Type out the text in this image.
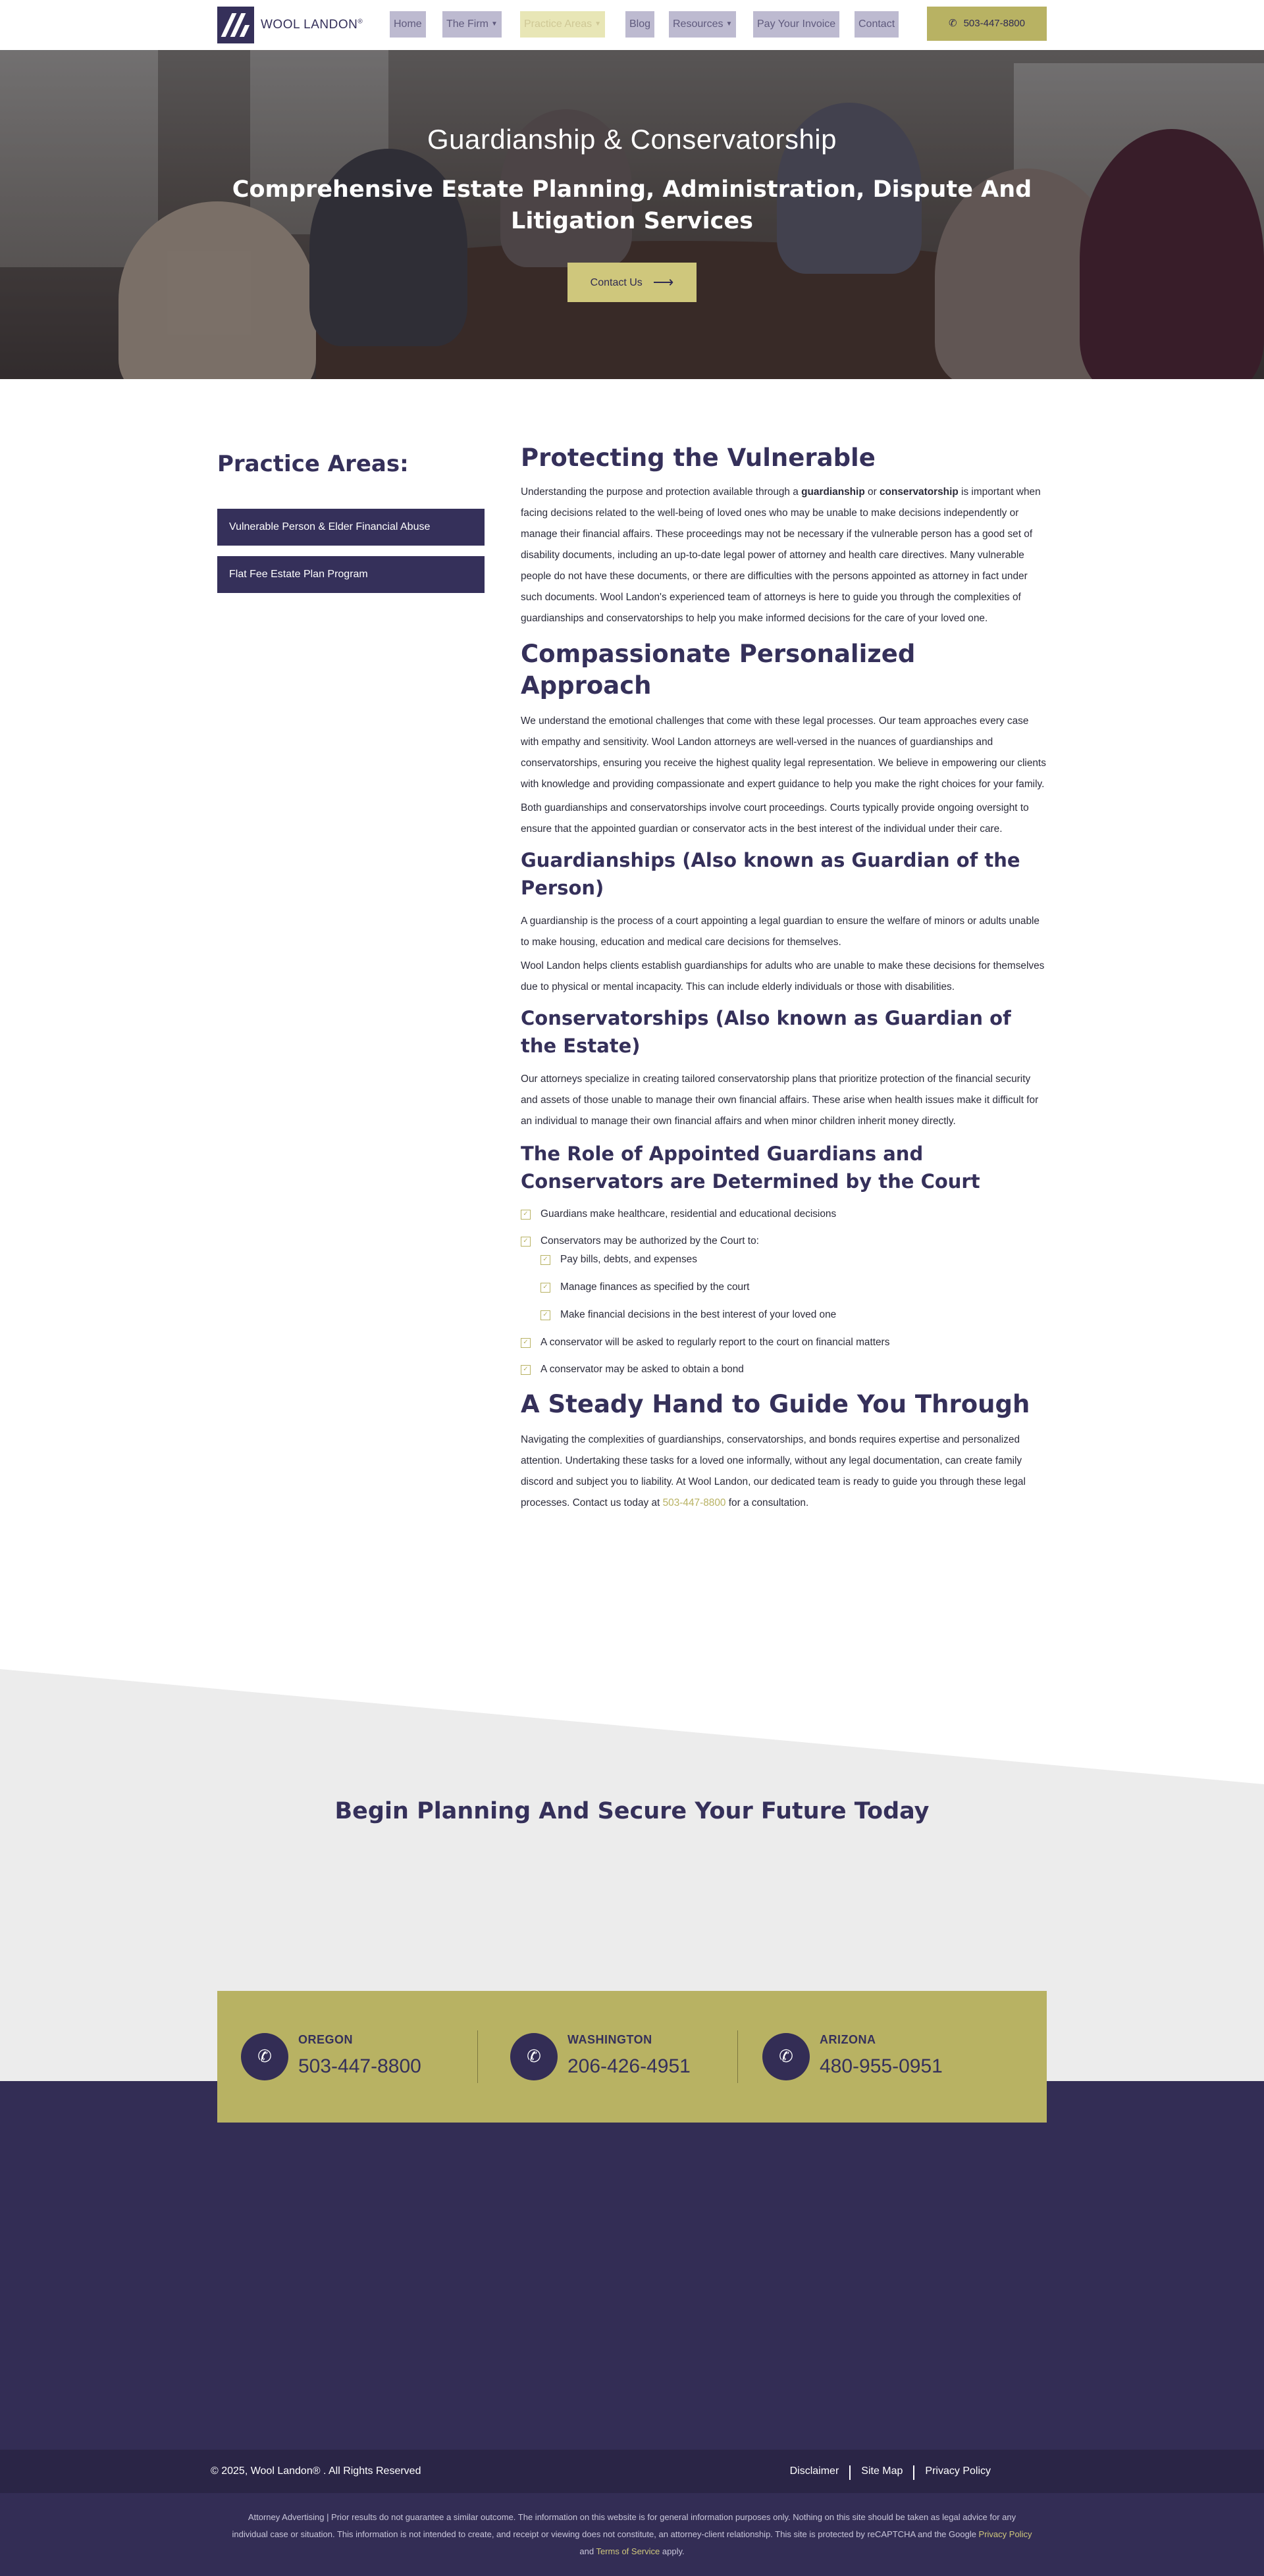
WOOL LANDON®	Home	The Firm ▼	Practice Areas ▼	Blog	Resources ▼	Pay Your Invoice	Contact	✆ 503-447-8800
Guardianship & Conservatorship
Comprehensive Estate Planning, Administration, Dispute And Litigation Services
Contact Us ⟶
Practice Areas:
Vulnerable Person & Elder Financial Abuse
Flat Fee Estate Plan Program
Protecting the Vulnerable

Understanding the purpose and protection available through a guardianship or conservatorship is important when facing decisions related to the well-being of loved ones who may be unable to make decisions independently or manage their financial affairs. These proceedings may not be necessary if the vulnerable person has a good set of disability documents, including an up-to-date legal power of attorney and health care directives. Many vulnerable people do not have these documents, or there are difficulties with the persons appointed as attorney in fact under such documents. Wool Landon's experienced team of attorneys is here to guide you through the complexities of guardianships and conservatorships to help you make informed decisions for the care of your loved one.

Compassionate Personalized Approach

We understand the emotional challenges that come with these legal processes. Our team approaches every case with empathy and sensitivity. Wool Landon attorneys are well-versed in the nuances of guardianships and conservatorships, ensuring you receive the highest quality legal representation. We believe in empowering our clients with knowledge and providing compassionate and expert guidance to help you make the right choices for your family.

Both guardianships and conservatorships involve court proceedings. Courts typically provide ongoing oversight to ensure that the appointed guardian or conservator acts in the best interest of the individual under their care.

Guardianships (Also known as Guardian of the Person)

A guardianship is the process of a court appointing a legal guardian to ensure the welfare of minors or adults unable to make housing, education and medical care decisions for themselves.

Wool Landon helps clients establish guardianships for adults who are unable to make these decisions for themselves due to physical or mental incapacity. This can include elderly individuals or those with disabilities.

Conservatorships (Also known as Guardian of the Estate)

Our attorneys specialize in creating tailored conservatorship plans that prioritize protection of the financial security and assets of those unable to manage their own financial affairs. These arise when health issues make it difficult for an individual to manage their own financial affairs and when minor children inherit money directly.

The Role of Appointed Guardians and Conservators are Determined by the Court
✓ Guardians make healthcare, residential and educational decisions
✓ Conservators may be authorized by the Court to:
✓ Pay bills, debts, and expenses
✓ Manage finances as specified by the court
✓ Make financial decisions in the best interest of your loved one
✓ A conservator will be asked to regularly report to the court on financial matters
✓ A conservator may be asked to obtain a bond
A Steady Hand to Guide You Through

Navigating the complexities of guardianships, conservatorships, and bonds requires expertise and personalized attention. Undertaking these tasks for a loved one informally, without any legal documentation, can create family discord and subject you to liability. At Wool Landon, our dedicated team is ready to guide you through these legal processes. Contact us today at 503-447-8800 for a consultation.

Begin Planning And Secure Your Future Today
✆
OREGON
503-447-8800	✆
WASHINGTON
206-426-4951	✆
ARIZONA
480-955-0951
© 2025, Wool Landon® . All Rights Reserved	Disclaimer	Site Map	Privacy Policy
Attorney Advertising | Prior results do not guarantee a similar outcome. The information on this website is for general information purposes only. Nothing on this site should be taken as legal advice for any individual case or situation. This information is not intended to create, and receipt or viewing does not constitute, an attorney-client relationship. This site is protected by reCAPTCHA and the Google Privacy Policy and Terms of Service apply.
